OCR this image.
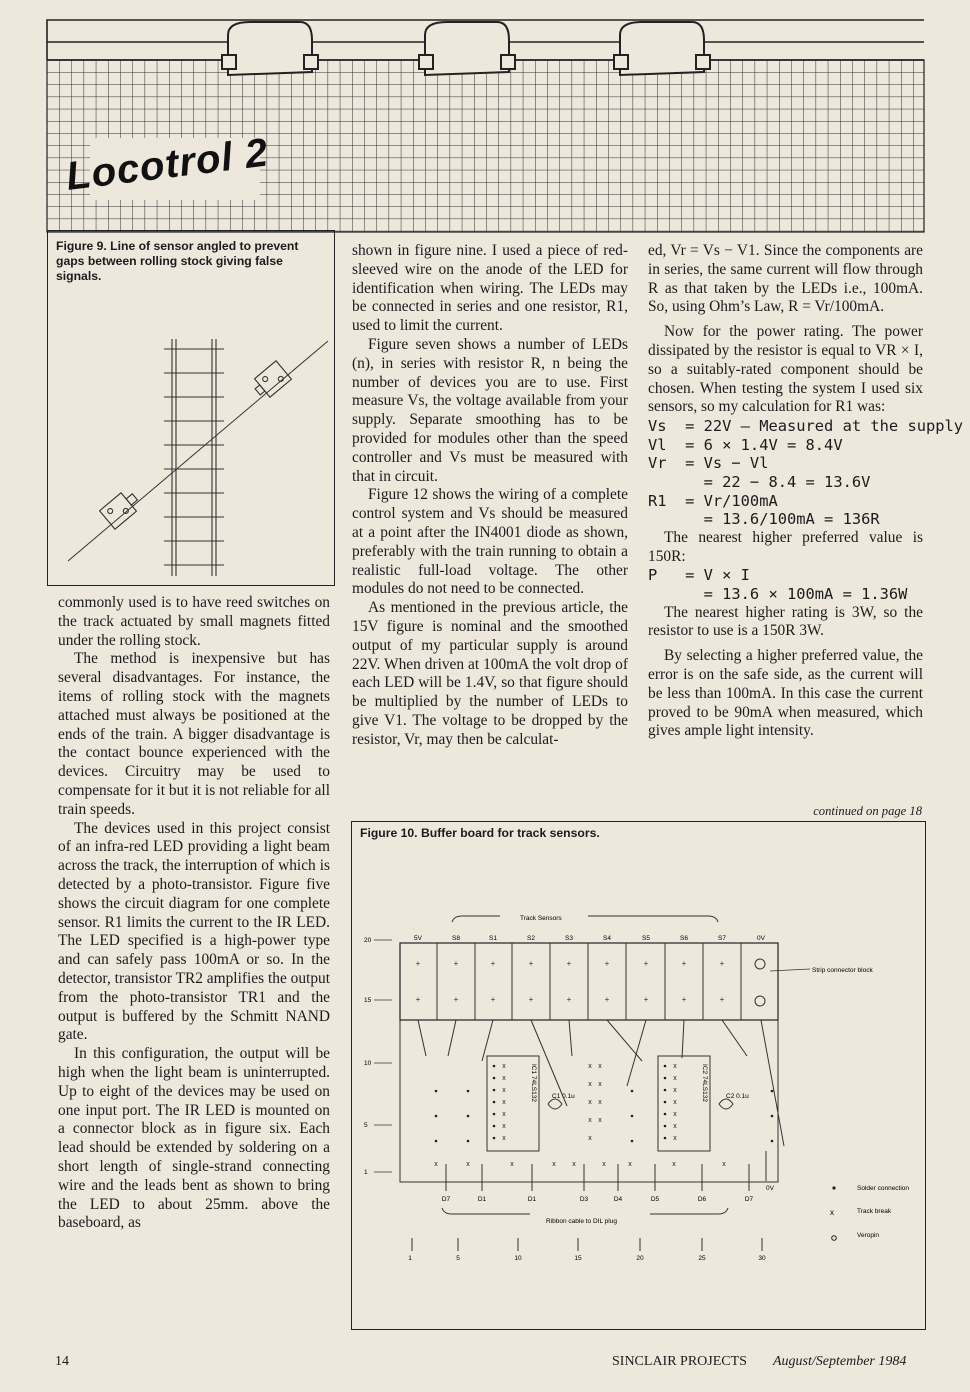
Locotrol 2
Figure 9. Line of sensor angled to prevent gaps between rolling stock giving false signals.

commonly used is to have reed switches on the track actuated by small magnets fitted under the rolling stock.

The method is inexpensive but has several disadvantages. For instance, the items of rolling stock with the magnets attached must always be positioned at the ends of the train. A bigger disadvantage is the contact bounce experienced with the devices. Circuitry may be used to compensate for it but it is not reliable for all train speeds.

The devices used in this project consist of an infra-red LED providing a light beam across the track, the interruption of which is detected by a photo-transistor. Figure five shows the circuit diagram for one complete sensor. R1 limits the current to the IR LED. The LED specified is a high-power type and can safely pass 100mA or so. In the detector, transistor TR2 amplifies the output from the photo-transistor TR1 and the output is buffered by the Schmitt NAND gate.

In this configuration, the output will be high when the light beam is uninterrupted. Up to eight of the devices may be used on one input port. The IR LED is mounted on a connector block as in figure six. Each lead should be extended by soldering on a short length of single-strand connecting wire and the leads bent as shown to bring the LED to about 25mm. above the baseboard, as

shown in figure nine. I used a piece of red-sleeved wire on the anode of the LED for identification when wiring. The LEDs may be connected in series and one resistor, R1, used to limit the current.

Figure seven shows a number of LEDs (n), in series with resistor R, n being the number of devices you are to use. First measure Vs, the voltage available from your supply. Separate smoothing has to be provided for modules other than the speed controller and Vs must be measured with that in circuit.

Figure 12 shows the wiring of a complete control system and Vs should be measured at a point after the IN4001 diode as shown, preferably with the train running to obtain a realistic full-load voltage. The other modules do not need to be connected.

As mentioned in the previous article, the 15V figure is nominal and the smoothed output of my particular supply is around 22V. When driven at 100mA the volt drop of each LED will be 1.4V, so that figure should be multiplied by the number of LEDs to give V1. The voltage to be dropped by the resistor, Vr, may then be calculat-

ed, Vr = Vs − V1. Since the components are in series, the same current will flow through R as that taken by the LEDs i.e., 100mA. So, using Ohm’s Law, R = Vr/100mA.

Now for the power rating. The power dissipated by the resistor is equal to VR × I, so a suitably-rated component should be chosen. When testing the system I used six sensors, so my calculation for R1 was:

Vs  = 22V — Measured at the supply
Vl  = 6 × 1.4V = 8.4V
Vr  = Vs − Vl
= 22 − 8.4 = 13.6V
R1  = Vr/100mA
= 13.6/100mA = 136R

The nearest higher preferred value is 150R:

P   = V × I
= 13.6 × 100mA = 1.36W

The nearest higher rating is 3W, so the resistor to use is a 150R 3W.

By selecting a higher preferred value, the error is on the safe side, as the current will be less than 100mA. In this case the current proved to be 90mA when measured, which gives ample light intensity.

continued on page 18
Figure 10. Buffer board for track sensors.
Track Sensors
5V	S8	S1	S2	S3	S4	S5	S6	S7	0V
20
15
10
5
1
+	+	+	+	+	+	+	+	+
+	+	+	+	+	+	+	+	+
Strip connector block
IC1 74LS132	IC2 74LS132
C1 0.1u	C2 0.1u
x
x
x
x
x
x
x
x x
x x
x x
x x
x
x
x
x
x
x
x
x
x	x	x	x x	x	x	x	x
D7	D1	D1	D3	D4	D5	D6	D7
0V
Ribbon cable to DIL plug
1	5	10	15	20	25	30
x
Solder connection
Track break
Veropin
14	SINCLAIR PROJECTS August/September 1984
